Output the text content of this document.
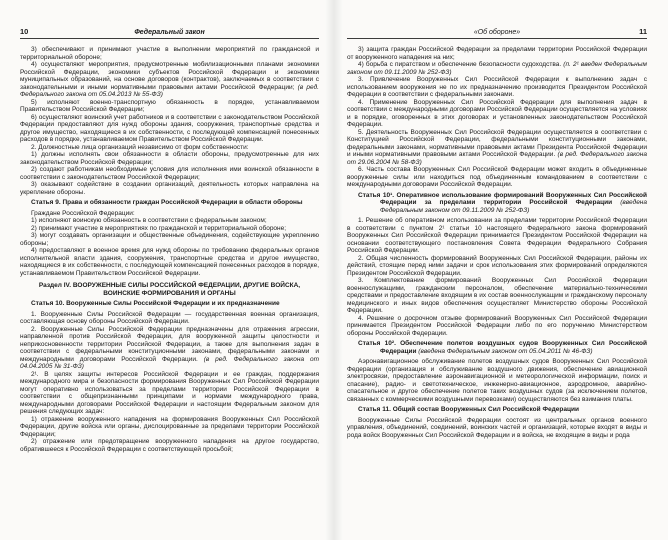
10	Федеральный закон

3) обеспечивают и принимают участие в выполнении мероприятий по гражданской и территориальной обороне;

4) осуществляют мероприятия, предусмотренные мобилизационными планами экономики Российской Федерации, экономики субъектов Российской Федерации и экономики муниципальных образований, на основе договоров (контрактов), заключаемых в соответствии с законодательными и иными нормативными правовыми актами Российской Федерации; (в ред. Федерального закона от 05.04.2013 № 55-ФЗ)

5) исполняют военно-транспортную обязанность в порядке, устанавливаемом Правительством Российской Федерации;

6) осуществляют воинский учет работников и в соответствии с законодательством Российской Федерации предоставляют для нужд обороны здания, сооружения, транспортные средства и другое имущество, находящиеся в их собственности, с последующей компенсацией понесенных расходов в порядке, устанавливаемом Правительством Российской Федерации.

2. Должностные лица организаций независимо от форм собственности:

1) должны исполнять свои обязанности в области обороны, предусмотренные для них законодательством Российской Федерации;

2) создают работникам необходимые условия для исполнения ими воинской обязанности в соответствии с законодательством Российской Федерации;

3) оказывают содействие в создании организаций, деятельность которых направлена на укрепление обороны.

Статья 9. Права и обязанности граждан Российской Федерации в области обороны

Граждане Российской Федерации:

1) исполняют воинскую обязанность в соответствии с федеральным законом;

2) принимают участие в мероприятиях по гражданской и территориальной обороне;

3) могут создавать организации и общественные объединения, содействующие укреплению обороны;

4) предоставляют в военное время для нужд обороны по требованию федеральных органов исполнительной власти здания, сооружения, транспортные средства и другое имущество, находящиеся в их собственности, с последующей компенсацией понесенных расходов в порядке, устанавливаемом Правительством Российской Федерации.

Раздел IV. ВООРУЖЕННЫЕ СИЛЫ РОССИЙСКОЙ ФЕДЕРАЦИИ, ДРУГИЕ ВОЙСКА, ВОИНСКИЕ ФОРМИРОВАНИЯ И ОРГАНЫ

Статья 10. Вооруженные Силы Российской Федерации и их предназначение

1. Вооруженные Силы Российской Федерации — государственная военная организация, составляющая основу обороны Российской Федерации.

2. Вооруженные Силы Российской Федерации предназначены для отражения агрессии, направленной против Российской Федерации, для вооруженной защиты целостности и неприкосновенности территории Российской Федерации, а также для выполнения задач в соответствии с федеральными конституционными законами, федеральными законами и международными договорами Российской Федерации. (в ред. Федерального закона от 04.04.2005 № 31-ФЗ)

2¹. В целях защиты интересов Российской Федерации и ее граждан, поддержания международного мира и безопасности формирования Вооруженных Сил Российской Федерации могут оперативно использоваться за пределами территории Российской Федерации в соответствии с общепризнанными принципами и нормами международного права, международными договорами Российской Федерации и настоящим Федеральным законом для решения следующих задач:

1) отражение вооруженного нападения на формирования Вооруженных Сил Российской Федерации, другие войска или органы, дислоцированные за пределами территории Российской Федерации;

2) отражение или предотвращение вооруженного нападения на другое государство, обратившееся к Российской Федерации с соответствующей просьбой;

«Об обороне»	11

3) защита граждан Российской Федерации за пределами территории Российской Федерации от вооруженного нападения на них;

4) борьба с пиратством и обеспечение безопасности судоходства. (п. 2¹ введен Федеральным законом от 09.11.2009 № 252-ФЗ)

3. Привлечение Вооруженных Сил Российской Федерации к выполнению задач с использованием вооружения не по их предназначению производится Президентом Российской Федерации в соответствии с федеральными законами.

4. Применение Вооруженных Сил Российской Федерации для выполнения задач в соответствии с международными договорами Российской Федерации осуществляется на условиях и в порядке, оговоренных в этих договорах и установленных законодательством Российской Федерации.

5. Деятельность Вооруженных Сил Российской Федерации осуществляется в соответствии с Конституцией Российской Федерации, федеральными конституционными законами, федеральными законами, нормативными правовыми актами Президента Российской Федерации и иными нормативными правовыми актами Российской Федерации. (в ред. Федерального закона от 29.06.2004 № 58-ФЗ)

6. Часть состава Вооруженных Сил Российской Федерации может входить в объединенные вооруженные силы или находиться под объединенным командованием в соответствии с международными договорами Российской Федерации.

Статья 10¹. Оперативное использование формирований Вооруженных Сил Российской Федерации за пределами территории Российской Федерации (введена Федеральным законом от 09.11.2009 № 252-ФЗ)

1. Решение об оперативном использовании за пределами территории Российской Федерации в соответствии с пунктом 2¹ статьи 10 настоящего Федерального закона формирований Вооруженных Сил Российской Федерации принимается Президентом Российской Федерации на основании соответствующего постановления Совета Федерации Федерального Собрания Российской Федерации.

2. Общая численность формирований Вооруженных Сил Российской Федерации, районы их действий, стоящие перед ними задачи и срок использования этих формирований определяются Президентом Российской Федерации.

3. Комплектование формирований Вооруженных Сил Российской Федерации военнослужащими, гражданским персоналом, обеспечение материально-техническими средствами и предоставление входящим в их состав военнослужащим и гражданскому персоналу медицинского и иных видов обеспечения осуществляет Министерство обороны Российской Федерации.

4. Решение о досрочном отзыве формирований Вооруженных Сил Российской Федерации принимается Президентом Российской Федерации либо по его поручению Министерством обороны Российской Федерации.

Статья 10². Обеспечение полетов воздушных судов Вооруженных Сил Российской Федерации (введена Федеральным законом от 05.04.2011 № 46-ФЗ)

Аэронавигационное обслуживание полетов воздушных судов Вооруженных Сил Российской Федерации (организация и обслуживание воздушного движения, обеспечение авиационной электросвязи, предоставление аэронавигационной и метеорологической информации, поиск и спасание), радио- и светотехническое, инженерно-авиационное, аэродромное, аварийно-спасательное и другое обеспечение полетов таких воздушных судов (за исключением полетов, связанных с коммерческими воздушными перевозками) осуществляются без взимания платы.

Статья 11. Общий состав Вооруженных Сил Российской Федерации

Вооруженные Силы Российской Федерации состоят из центральных органов военного управления, объединений, соединений, воинских частей и организаций, которые входят в виды и рода войск Вооруженных Сил Российской Федерации и в войска, не входящие в виды и рода
